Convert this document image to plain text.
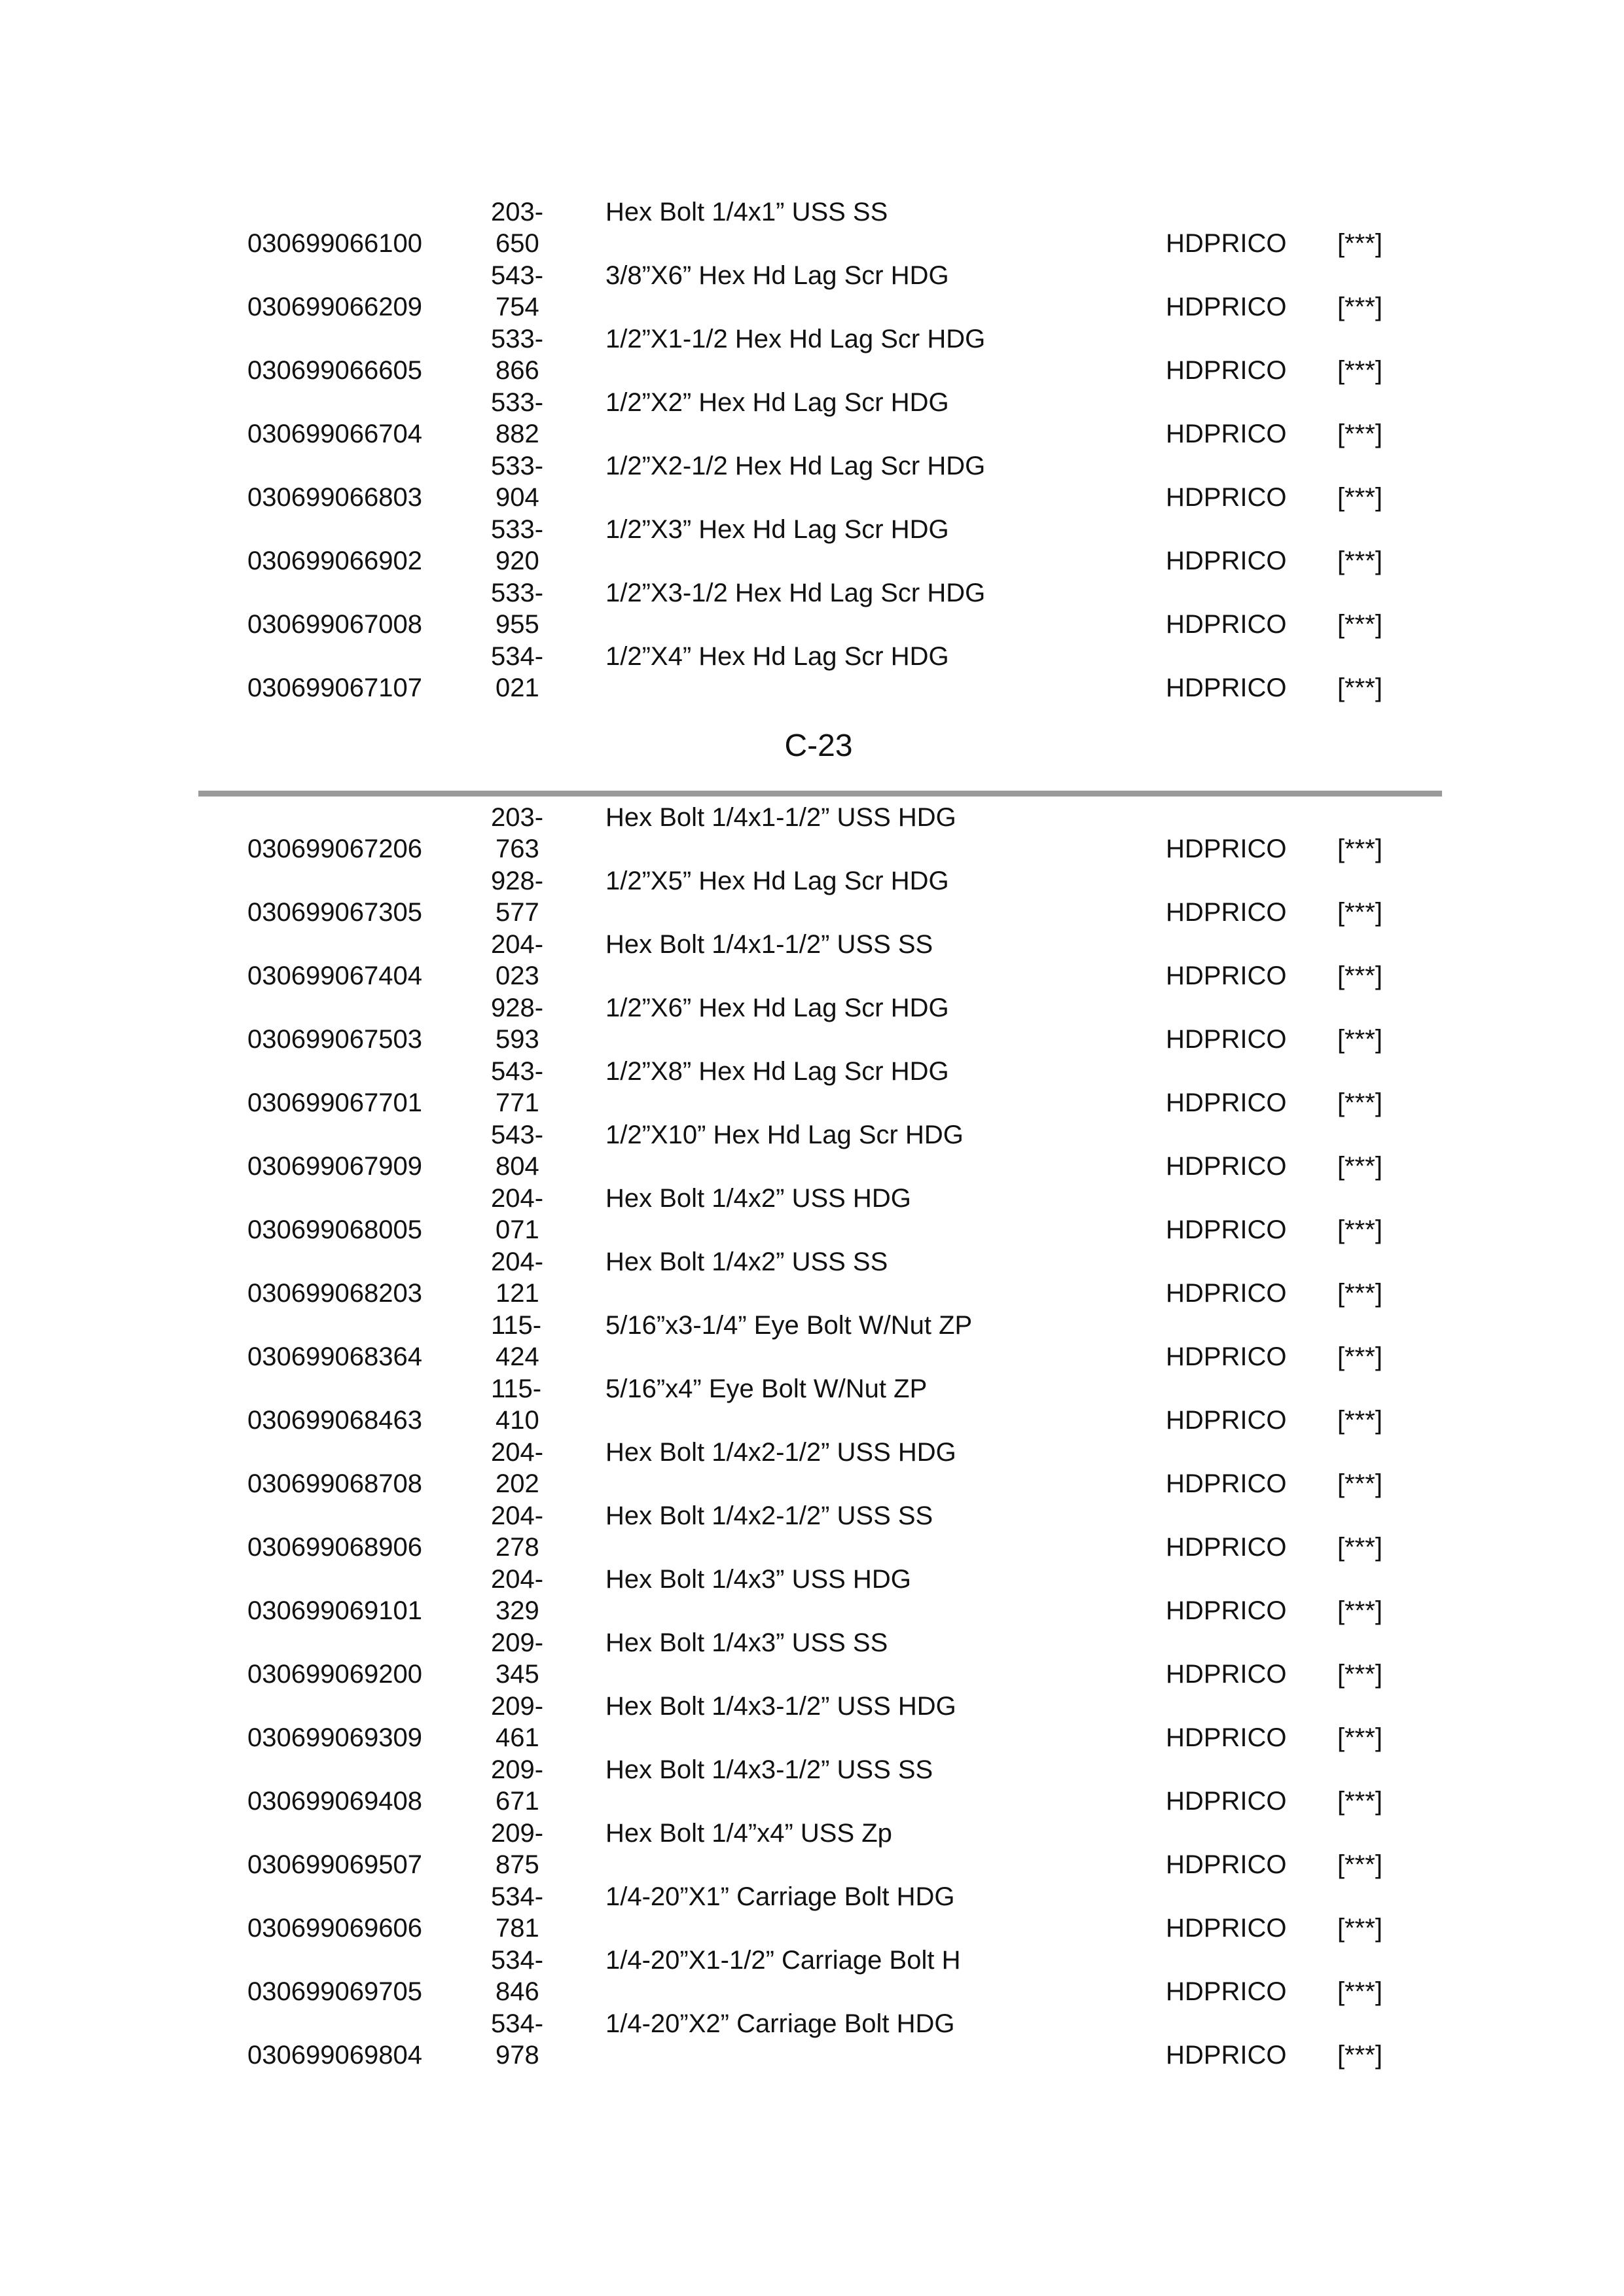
030699066100
203-
650
Hex Bolt 1/4x1” USS SS
HDPRICO [***]
030699066209
543-
754
3/8”X6” Hex Hd Lag Scr HDG
HDPRICO [***]
030699066605
533-
866
1/2”X1-1/2 Hex Hd Lag Scr HDG
HDPRICO [***]
030699066704
533-
882
1/2”X2” Hex Hd Lag Scr HDG
HDPRICO [***]
030699066803
533-
904
1/2”X2-1/2 Hex Hd Lag Scr HDG
HDPRICO [***]
030699066902
533-
920
1/2”X3” Hex Hd Lag Scr HDG
HDPRICO [***]
030699067008
533-
955
1/2”X3-1/2 Hex Hd Lag Scr HDG
HDPRICO [***]
030699067107
534-
021
1/2”X4” Hex Hd Lag Scr HDG
HDPRICO [***]
C-23
030699067206
203-
763
Hex Bolt 1/4x1-1/2” USS HDG
HDPRICO [***]
030699067305
928-
577
1/2”X5” Hex Hd Lag Scr HDG
HDPRICO [***]
030699067404
204-
023
Hex Bolt 1/4x1-1/2” USS SS
HDPRICO [***]
030699067503
928-
593
1/2”X6” Hex Hd Lag Scr HDG
HDPRICO [***]
030699067701
543-
771
1/2”X8” Hex Hd Lag Scr HDG
HDPRICO [***]
030699067909
543-
804
1/2”X10” Hex Hd Lag Scr HDG
HDPRICO [***]
030699068005
204-
071
Hex Bolt 1/4x2” USS HDG
HDPRICO [***]
030699068203
204-
121
Hex Bolt 1/4x2” USS SS
HDPRICO [***]
030699068364
115-
424
5/16”x3-1/4” Eye Bolt W/Nut ZP
HDPRICO [***]
030699068463
115-
410
5/16”x4” Eye Bolt W/Nut ZP
HDPRICO [***]
030699068708
204-
202
Hex Bolt 1/4x2-1/2” USS HDG
HDPRICO [***]
030699068906
204-
278
Hex Bolt 1/4x2-1/2” USS SS
HDPRICO [***]
030699069101
204-
329
Hex Bolt 1/4x3” USS HDG
HDPRICO [***]
030699069200
209-
345
Hex Bolt 1/4x3” USS SS
HDPRICO [***]
030699069309
209-
461
Hex Bolt 1/4x3-1/2” USS HDG
HDPRICO [***]
030699069408
209-
671
Hex Bolt 1/4x3-1/2” USS SS
HDPRICO [***]
030699069507
209-
875
Hex Bolt 1/4”x4” USS Zp
HDPRICO [***]
030699069606
534-
781
1/4-20”X1” Carriage Bolt HDG
HDPRICO [***]
030699069705
534-
846
1/4-20”X1-1/2” Carriage Bolt H
HDPRICO [***]
030699069804
534-
978
1/4-20”X2” Carriage Bolt HDG
HDPRICO [***]
